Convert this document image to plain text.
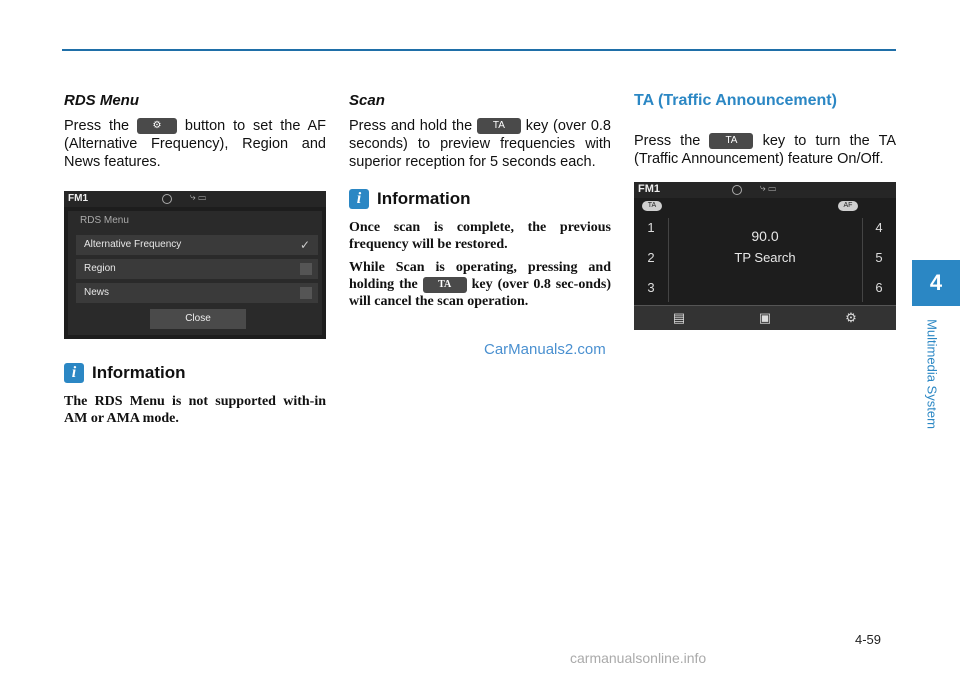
RDS Menu

Press the ⚙ button to set the AF (Alternative Frequency), Region and News features.

FM1	⤷ ▭
RDS Menu
Alternative Frequency	✓
Region
News
Close
i Information

The RDS Menu is not supported with-in AM or AMA mode.

Scan

Press and hold the TA key (over 0.8 seconds) to preview frequencies with superior reception for 5 seconds each.

i Information

Once scan is complete, the previous frequency will be restored.

While Scan is operating, pressing and holding the TA key (over 0.8 sec-onds) will cancel the scan operation.

TA (Traffic Announcement)

Press the	TA key to turn the TA (Traffic Announcement) feature On/Off.

FM1	⤷ ▭
TA	AF
1
2
3
4
5
6
90.0
TP Search
▤	▣	⚙
CarManuals2.com
4
Multimedia System
4-59
carmanualsonline.info
